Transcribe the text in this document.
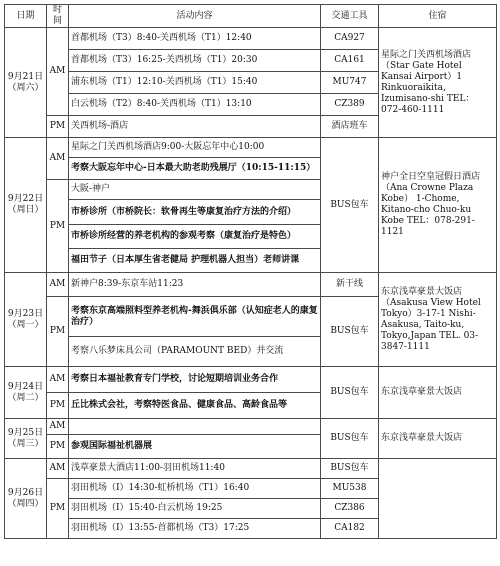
日期	时间	活动内容	交通工具	住宿

9月21日
（周六）	AM	首都机场（T3）8:40-关西机场（T1）12:40	CA927	星际之门关西机场酒店（Star Gate Hotel Kansai Airport）1 Rinkuoraikita, Izumisano-shi TEL：072-460-1111
		首都机场（T3）16:25-关西机场（T1）20:30	CA161	
		浦东机场（T1）12:10-关西机场（T1）15:40	MU747	
		白云机场（T2）8:40-关西机场（T1）13:10	CZ389	
	PM	关西机场-酒店	酒店班车	

9月22日
（周日）	AM	星际之门关西机场酒店9:00-大阪忘年中心10:00	BUS包车	神户全日空皇冠假日酒店（Ana Crowne Plaza Kobe） 1-Chome, Kitano-cho Chuo-ku Kobe TEL：078-291-1121
		考察大阪忘年中心-日本最大助老助残展厅（10:15-11:15）		
	PM	大阪-神户		
		市桥诊所（市桥院长：软骨再生等康复治疗方法的介绍）		
		市桥诊所经营的养老机构的参观考察（康复治疗是特色）		
		福田节子（日本厚生省老健局 护理机器人担当）老师讲课		

9月23日
（周一）	AM	新神户8:39-东京车站11:23	新干线	东京浅草豪景大饭店（Asakusa View Hotel Tokyo）3-17-1 Nishi-Asakusa, Taito-ku, Tokyo,Japan TEL. 03-3847-1111
	PM	考察东京高端照料型养老机构-舞浜俱乐部（认知症老人的康复治疗）	BUS包车	
		考察八乐梦床具公司（PARAMOUNT BED）并交流		

9月24日
（周二）	AM	考察日本福祉教育专门学校，讨论短期培训业务合作	BUS包车	东京浅草豪景大饭店
	PM	丘比株式会社，考察特医食品、健康食品、高龄食品等		

9月25日
（周三）	AM		BUS包车	东京浅草豪景大饭店
	PM	参观国际福祉机器展		

9月26日
（周四）	AM	浅草豪景大酒店11:00-羽田机场11:40	BUS包车	
	PM	羽田机场（I）14:30-虹桥机场（T1）16:40	MU538	
		羽田机场（I）15:40-白云机场 19:25	CZ386	
		羽田机场（I）13:55-首都机场（T3）17:25	CA182	
